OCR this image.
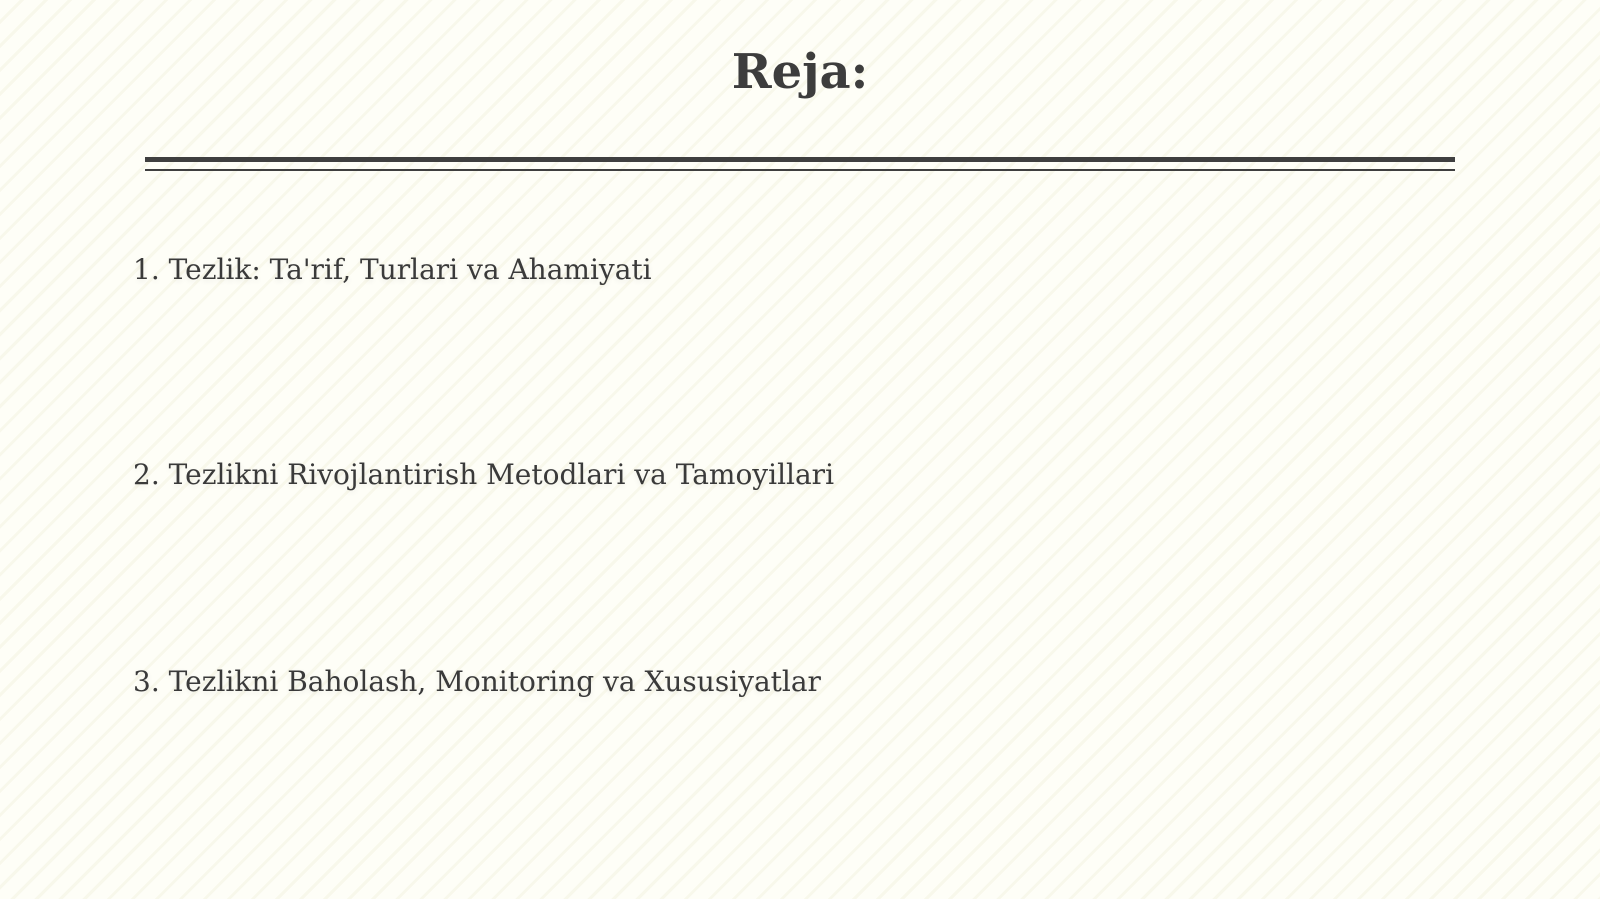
Reja:
1. Tezlik: Ta'rif, Turlari va Ahamiyati
2. Tezlikni Rivojlantirish Metodlari va Tamoyillari
3. Tezlikni Baholash, Monitoring va Xususiyatlar
